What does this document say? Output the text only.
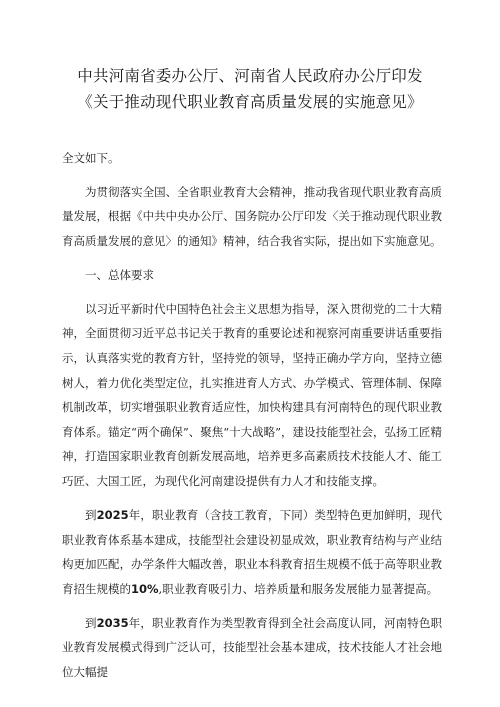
中共河南省委办公厅、河南省人民政府办公厅印发
《关于推动现代职业教育高质量发展的实施意见》

全文如下。

为贯彻落实全国、全省职业教育大会精神，推动我省现代职业教育高质量发展，根据《中共中央办公厅、国务院办公厅印发〈关于推动现代职业教育高质量发展的意见〉的通知》精神，结合我省实际，提出如下实施意见。

一、总体要求

以习近平新时代中国特色社会主义思想为指导，深入贯彻党的二十大精神，全面贯彻习近平总书记关于教育的重要论述和视察河南重要讲话重要指示，认真落实党的教育方针，坚持党的领导，坚持正确办学方向，坚持立德树人，着力优化类型定位，扎实推进育人方式、办学模式、管理体制、保障机制改革，切实增强职业教育适应性，加快构建具有河南特色的现代职业教育体系。锚定“两个确保”、聚焦“十大战略”，建设技能型社会，弘扬工匠精神，打造国家职业教育创新发展高地，培养更多高素质技术技能人才、能工巧匠、大国工匠，为现代化河南建设提供有力人才和技能支撑。

到2025年，职业教育（含技工教育，下同）类型特色更加鲜明，现代职业教育体系基本建成，技能型社会建设初显成效，职业教育结构与产业结构更加匹配，办学条件大幅改善，职业本科教育招生规模不低于高等职业教育招生规模的10%,职业教育吸引力、培养质量和服务发展能力显著提高。

到2035年，职业教育作为类型教育得到全社会高度认同，河南特色职业教育发展模式得到广泛认可，技能型社会基本建成，技术技能人才社会地位大幅提
